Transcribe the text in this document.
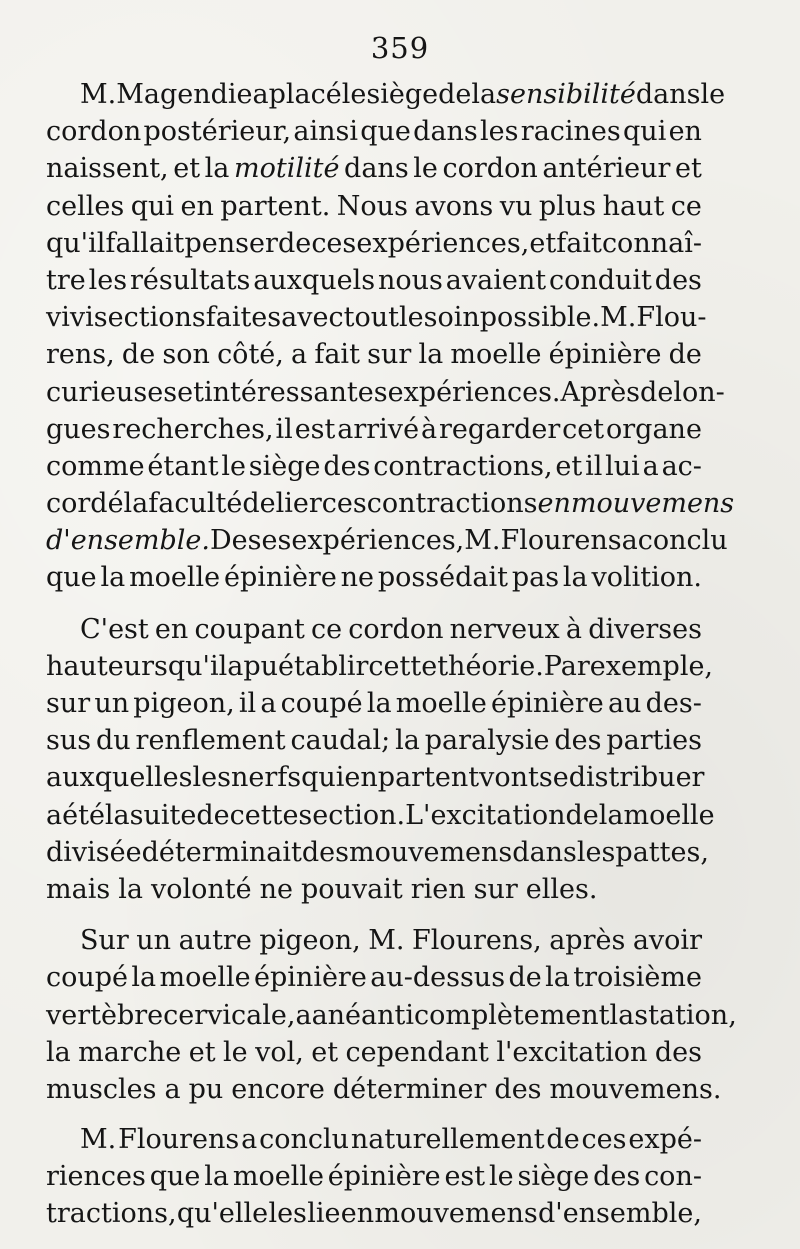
359
M.Magendie a placé le siège de la sensibilité dans le
cordon postérieur, ainsi que dans les racines qui en
naissent, et la motilité dans le cordon antérieur et
celles qui en partent. Nous avons vu plus haut ce
qu'il fallait penser de ces expériences, et fait connaî-
tre les résultats auxquels nous avaient conduit des
vivisections faites avec tout le soin possible. M. Flou-
rens, de son côté, a fait sur la moelle épinière de
curieuses et intéressantes expériences. Après de lon-
gues recherches, il est arrivé à regarder cet organe
comme étant le siège des contractions, et il lui a ac-
cordé la faculté de lier ces contractions en mouvemens
d'ensemble. De ses expériences, M. Flourens a conclu
que la moelle épinière ne possédait pas la volition.
C'est en coupant ce cordon nerveux à diverses
hauteurs qu'il a pu établir cette théorie. Par exemple,
sur un pigeon, il a coupé la moelle épinière au des-
sus du renflement caudal; la paralysie des parties
auxquelles les nerfs qui en partent vont se distribuer
a été la suite de cette section. L'excitation de la moelle
divisée déterminait des mouvemens dans les pattes,
mais la volonté ne pouvait rien sur elles.
Sur un autre pigeon, M. Flourens, après avoir
coupé la moelle épinière au-dessus de la troisième
vertèbre cervicale, a anéanti complètement la station,
la marche et le vol, et cependant l'excitation des
muscles a pu encore déterminer des mouvemens.
M. Flourens a conclu naturellement de ces expé-
riences que la moelle épinière est le siège des con-
tractions, qu'elle les lie en mouvemens d'ensemble,
